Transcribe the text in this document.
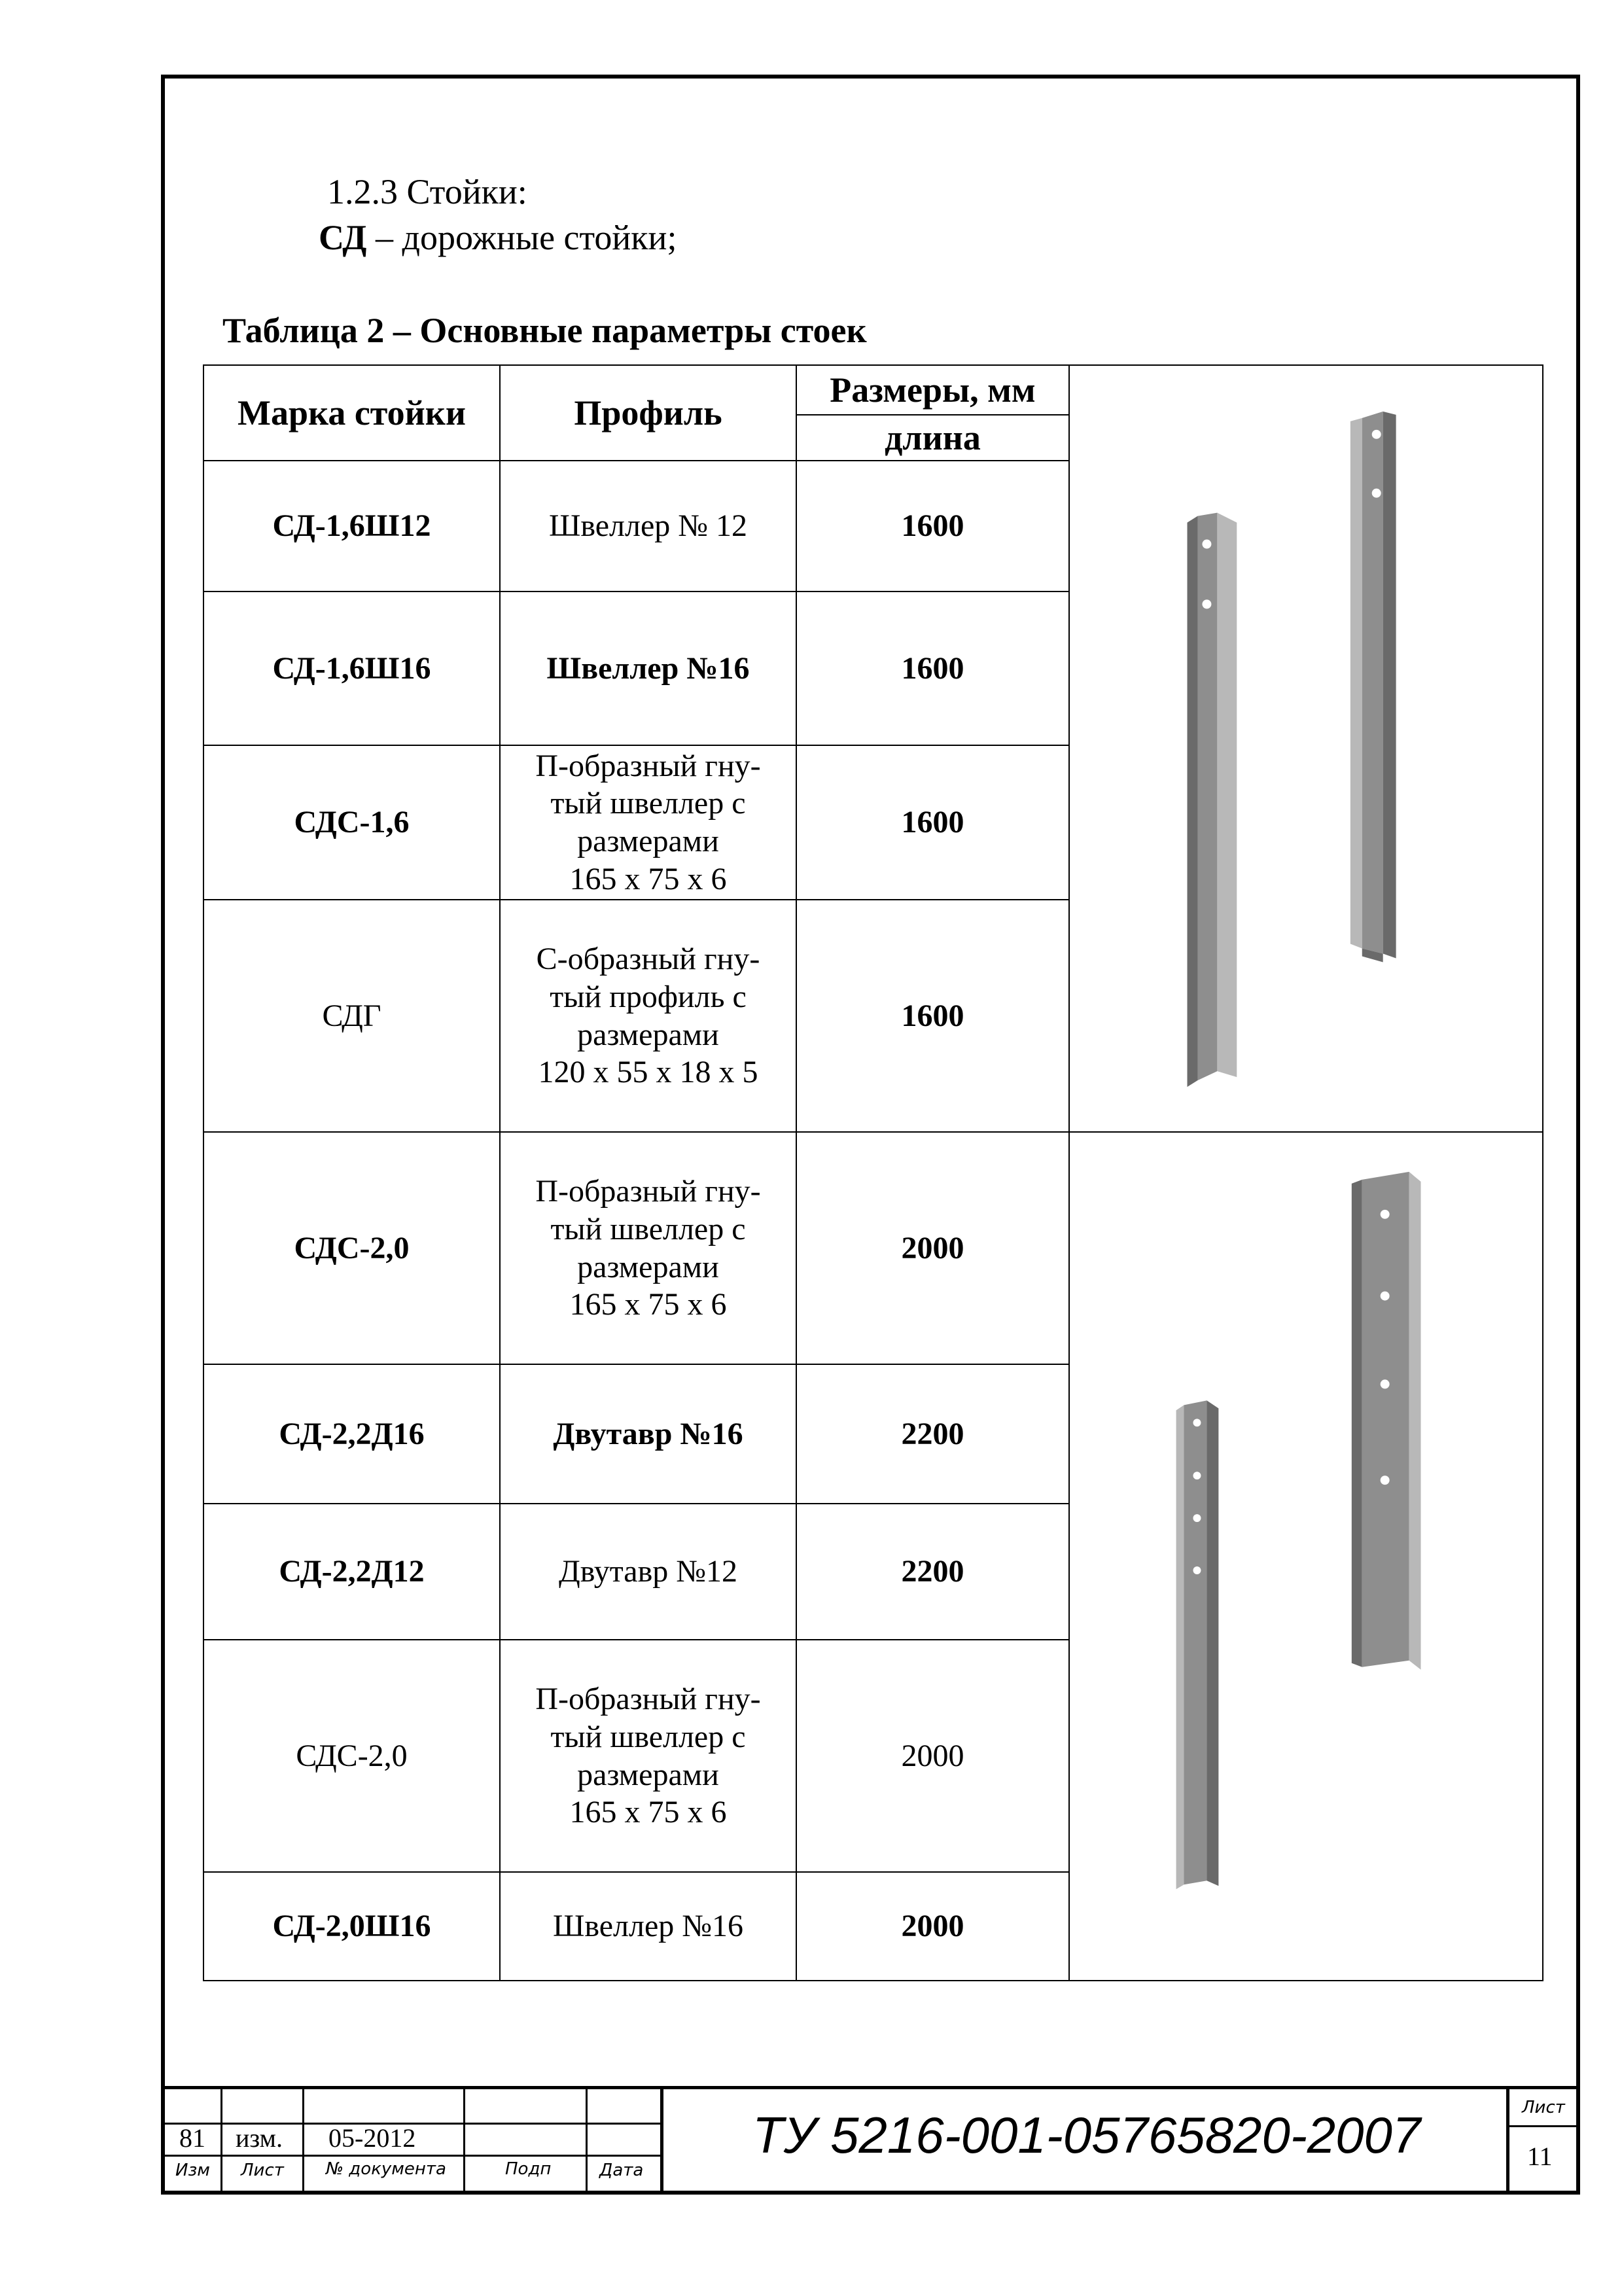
1.2.3 Стойки:
СД – дорожные стойки;
Таблица 2 – Основные параметры стоек
Марка стойки	Профиль	Размеры, мм	

		длина	
СД-1,6Ш12	Швеллер № 12	1600	
СД-1,6Ш16	Швеллер №16	1600	
СДС-1,6	П-образный гну-
тый швеллер с
размерами
165 х 75 х 6	1600	
СДГ	С-образный гну-
тый профиль с
размерами
120 х 55 х 18 х 5	1600	
СДС-2,0	П-образный гну-
тый швеллер с
размерами
165 х 75 х 6	2000	

СД-2,2Д16	Двутавр №16	2200	
СД-2,2Д12	Двутавр №12	2200	
СДС-2,0	П-образный гну-
тый швеллер с
размерами
165 х 75 х 6	2000	
СД-2,0Ш16	Швеллер №16	2000	
81 изм. 05-2012
Изм Лист № документа	Подп	Дата
Лист
11
ТУ 5216-001-05765820-2007
